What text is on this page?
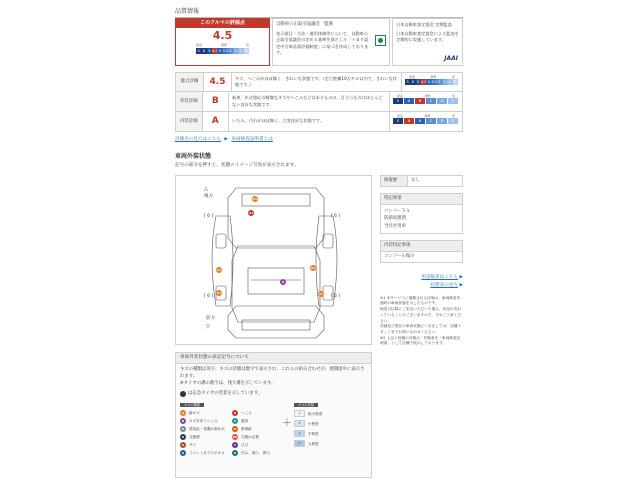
品質情報
このクルマの評価点
4.5
最高	標準	低
S 6 5 4.5 4 3.5 3 2 1 R
自動車公正取引協議会　監修
表示項目・方法・運用体制等について、自動車公正取引協議会の定める基準を満たした「トヨタ認定中古車品質評価制度」に基づき作成しております。
日本自動車査定協会 定期監査
日本自動車査定協会による監査を定期的に実施しています。
JAAI
総合評価	4.5	キズ、へこみがほぼ無く、きれいな状態です。（走行距離10万キロ以内で、きれいな状態です。）
最高	標準	低
S 6 5 4.5 4 3.5 3 2 1 R
外装評価	B	新車、年式相応の軽微なキズやへこみなどはあるものの、目立つものはほとんどない良好な状態です。
最高	標準	低
S	A	B	C	D	E
内装評価	A	いたみ、汚れがほぼ無く、大変良好な状態です。
最高	標準	低
S	A	B	C	D	E
評価点の見方はこちら ▶ 車両検査証明書とは
車両外装状態
記号の部分を押すと、状態のイメージ写真が表示されます。
△
後方
前方
▽
[ 6 ]	[ 6 ]
[ 6 ]	[ 6 ]
A1
A1
A1	U1
X
A1	A1
修復歴	なし
特記事項
バンパー下Ａ
防錆処理済
当社社用車
内装特記事項
コンソール傷小
用語解説はこちら ▶
状態表の見方 ▶
※1 本サービスに掲載される評価は、車両検査実施時の車両状態を示したものです。
検査日以降にご来店いただいた場合、状況が変わっていることがございますので、予めご了承ください。
詳細及び現在の車両状態につきましては、店舗スタッフまでお問い合わせください。
※2 上記と同様の評価点・状態表を「車両検査証明書」として店舗で展示しております。
車両外装状態の表記記号について
キズの種類は英字、キズの状態は数字で表示され、これらの組み合わせが、展開図中に表示されます。
※タイヤの溝の数字は、残り溝を示しています。
は応急タイヤの装着を示しています。
キズの種類
A	線キズ	U	へこみ
B	キズを伴うへこみ	C	腐食
P	塗装色・塗膜の剥がれ	W	修理跡
X	交換歴	XX 交換が必要
S	サビ	Y	ひび
G	フロントガラスのキズ	E	凹み、傷り、貫穴
＋
キズの状態
1	極小程度
2	小程度
3	中程度
4	大程度
